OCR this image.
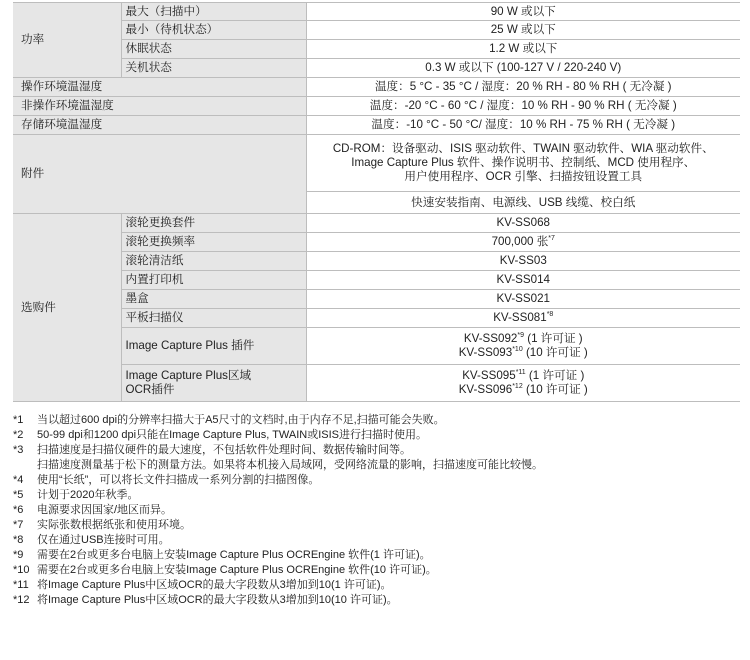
功率	最大（扫描中）	90 W 或以下
	最小（待机状态）	25 W 或以下
	休眠状态	1.2 W 或以下
	关机状态	0.3 W 或以下 (100-127 V / 220-240 V)
操作环境温湿度		温度：5 °C - 35 °C / 湿度：20 % RH - 80 % RH ( 无冷凝 )
非操作环境温湿度		温度：-20 °C - 60 °C / 湿度：10 % RH - 90 % RH ( 无冷凝 )
存储环境温湿度		温度：-10 °C - 50 °C/ 湿度：10 % RH - 75 % RH ( 无冷凝 )
附件		CD-ROM：设备驱动、ISIS 驱动软件、TWAIN 驱动软件、WIA 驱动软件、
Image Capture Plus 软件、操作说明书、控制纸、MCD 使用程序、
用户使用程序、OCR 引擎、扫描按钮设置工具

		快速安装指南、电源线、USB 线缆、校白纸
选购件	滚轮更换套件	KV-SS068
	滚轮更换频率	700,000 张$^{*7}$
	滚轮清洁纸	KV-SS03
	内置打印机	KV-SS014
	墨盒	KV-SS021
	平板扫描仪	KV-SS081$^{*8}$
	Image Capture Plus 插件	KV-SS092$^{*9}$ (1 许可证 )
KV-SS093$^{*10}$ (10 许可证 )

	Image Capture Plus区域
OCR插件	KV-SS095$^{*11}$ (1 许可证 )
KV-SS096$^{*12}$ (10 许可证 )
*1	当以超过600 dpi的分辨率扫描大于A5尺寸的文档时,由于内存不足,扫描可能会失败。
*2	50-99 dpi和1200 dpi只能在Image Capture Plus, TWAIN或ISIS进行扫描时使用。
*3	扫描速度是扫描仪硬件的最大速度，不包括软件处理时间、数据传输时间等。
扫描速度测量基于松下的测量方法。如果将本机接入局域网，受网络流量的影响，扫描速度可能比较慢。
*4	使用“长纸”，可以将长文件扫描成一系列分割的扫描图像。
*5	计划于2020年秋季。
*6	电源要求因国家/地区而异。
*7	实际张数根据纸张和使用环境。
*8	仅在通过USB连接时可用。
*9	需要在2台或更多台电脑上安装Image Capture Plus OCREngine 软件(1 许可证)。
*10 需要在2台或更多台电脑上安装Image Capture Plus OCREngine 软件(10 许可证)。
*11 将Image Capture Plus中区域OCR的最大字段数从3增加到10(1 许可证)。
*12 将Image Capture Plus中区域OCR的最大字段数从3增加到10(10 许可证)。
